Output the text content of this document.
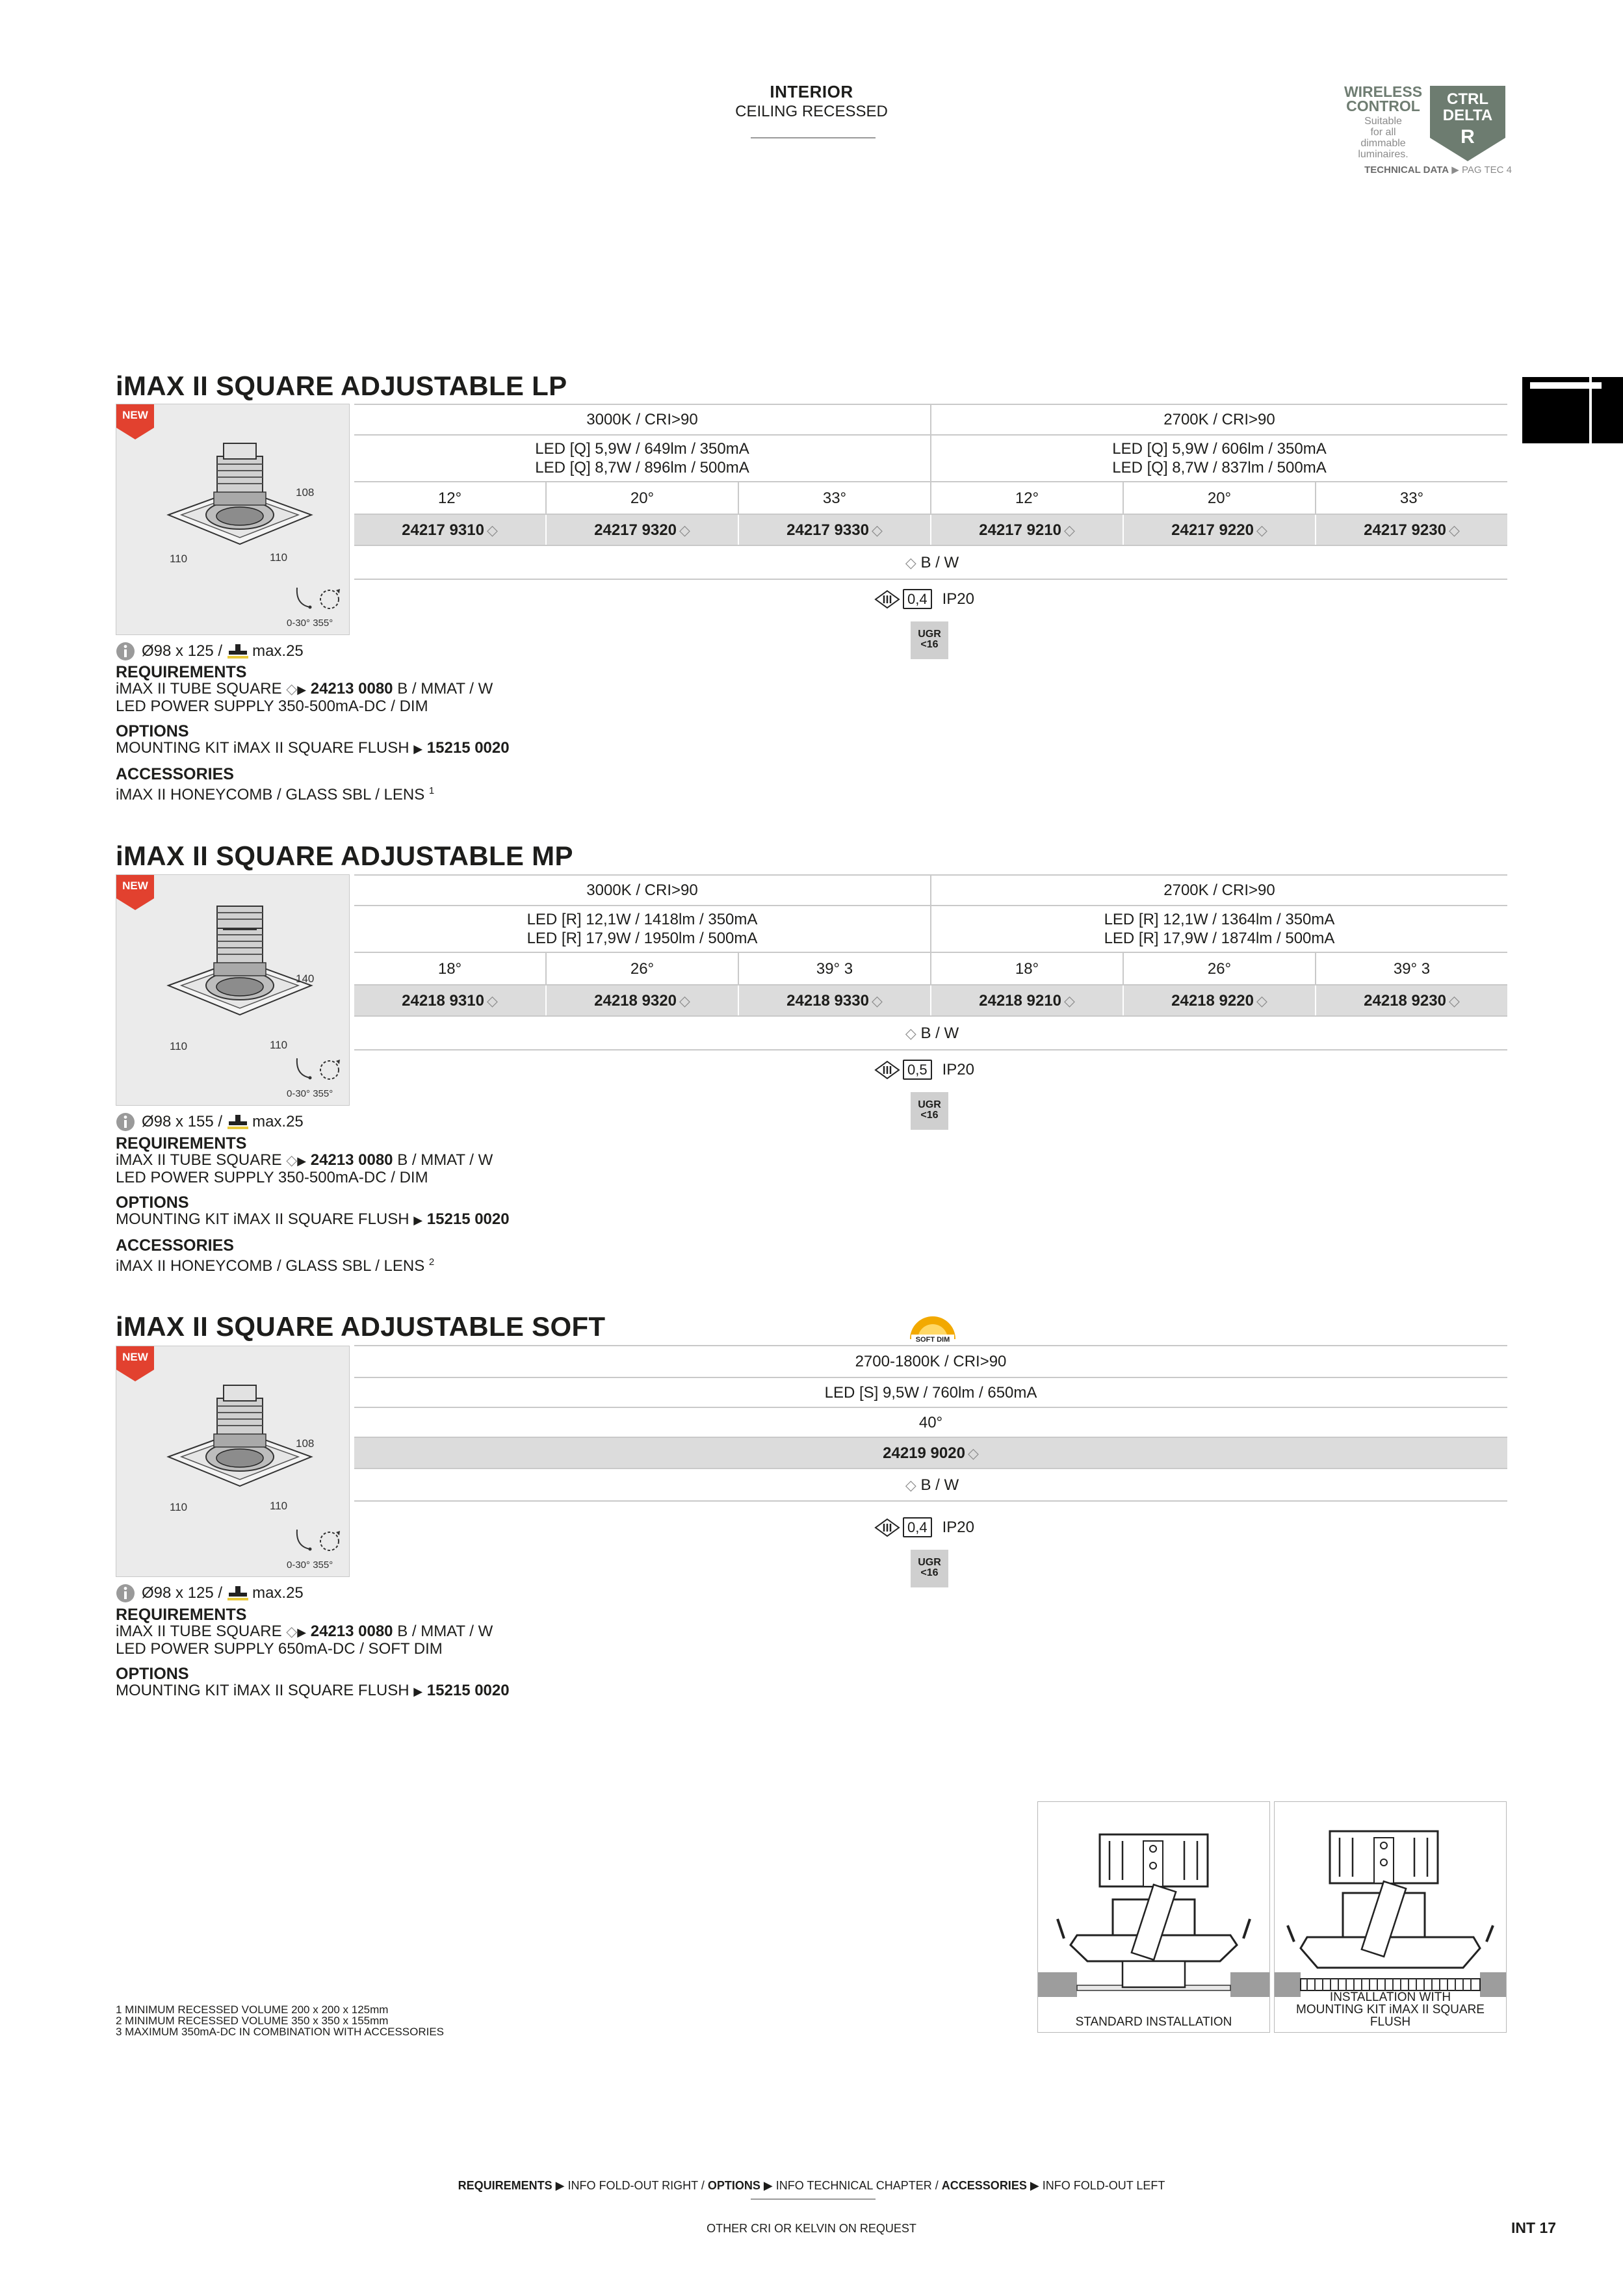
INTERIOR
CEILING RECESSED
WIRELESS
CONTROL
Suitable
for all
dimmable
luminaires.
CTRL
DELTA
R
TECHNICAL DATA ▶ PAG TEC 4
iMAX II SQUARE ADJUSTABLE LP
NEW
108
110	110
0-30° 355°
3000K / CRI>90	2700K / CRI>90
LED [Q] 5,9W / 649lm / 350mA
LED [Q] 8,7W / 896lm / 500mA
LED [Q] 5,9W / 606lm / 350mA
LED [Q] 8,7W / 837lm / 500mA
12°	20°	33°	12°	20°	33°
24217 9310 ◇	24217 9320 ◇	24217 9330 ◇	24217 9210 ◇	24217 9220 ◇	24217 9230 ◇
◇
B / W
0,4 IP20
UGR
<16
Ø98 x 125 / max.25
REQUIREMENTS
iMAX II TUBE SQUARE ◇▶ 24213 0080 B / MMAT / W
LED POWER SUPPLY 350-500mA-DC / DIM
OPTIONS
MOUNTING KIT iMAX II SQUARE FLUSH ▶ 15215 0020
ACCESSORIES
iMAX II HONEYCOMB / GLASS SBL / LENS $^1$
iMAX II SQUARE ADJUSTABLE MP
NEW
140
110	110
0-30° 355°
3000K / CRI>90	2700K / CRI>90
LED [R] 12,1W / 1418lm / 350mA
LED [R] 17,9W / 1950lm / 500mA
LED [R] 12,1W / 1364lm / 350mA
LED [R] 17,9W / 1874lm / 500mA
18°	26°	39° 3	18°	26°	39° 3
24218 9310 ◇	24218 9320 ◇	24218 9330 ◇	24218 9210 ◇	24218 9220 ◇	24218 9230 ◇
◇
B / W
0,5 IP20
UGR
<16
Ø98 x 155 / max.25
REQUIREMENTS
iMAX II TUBE SQUARE ◇▶ 24213 0080 B / MMAT / W
LED POWER SUPPLY 350-500mA-DC / DIM
OPTIONS
MOUNTING KIT iMAX II SQUARE FLUSH ▶ 15215 0020
ACCESSORIES
iMAX II HONEYCOMB / GLASS SBL / LENS $^2$
iMAX II SQUARE ADJUSTABLE SOFT	SOFT DIM
NEW
108
110	110
0-30° 355°
2700-1800K / CRI>90
LED [S] 9,5W / 760lm / 650mA
40°
24219 9020 ◇
◇
B / W
0,4 IP20
UGR
<16
Ø98 x 125 / max.25
REQUIREMENTS
iMAX II TUBE SQUARE ◇▶ 24213 0080 B / MMAT / W
LED POWER SUPPLY 650mA-DC / SOFT DIM
OPTIONS
MOUNTING KIT iMAX II SQUARE FLUSH ▶ 15215 0020
STANDARD INSTALLATION
INSTALLATION WITH
MOUNTING KIT iMAX II SQUARE FLUSH
1 MINIMUM RECESSED VOLUME 200 x 200 x 125mm
2 MINIMUM RECESSED VOLUME 350 x 350 x 155mm
3 MAXIMUM 350mA-DC IN COMBINATION WITH ACCESSORIES
REQUIREMENTS ▶ INFO FOLD-OUT RIGHT / OPTIONS ▶ INFO TECHNICAL CHAPTER / ACCESSORIES ▶ INFO FOLD-OUT LEFT
OTHER CRI OR KELVIN ON REQUEST	INT 17
